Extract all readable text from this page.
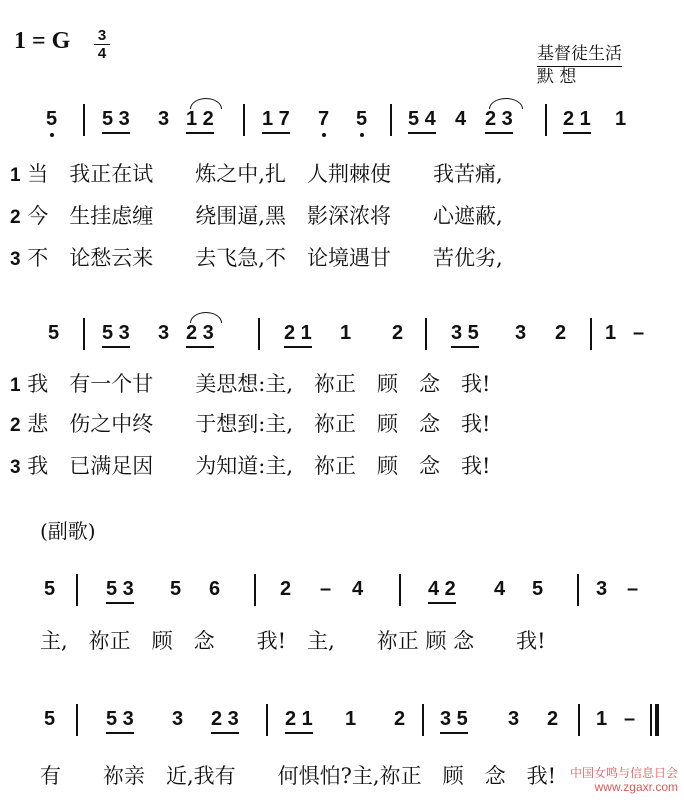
1 = G 3
4	基督徒生活
默 想
5 5 3 3 1 2 1 7 7 5 5 4 4 2 3	2 1 1
1 当　我正在试　　炼之中,扎　人荆棘使　　我苦痛,
2 今　生挂虑缠　　绕围逼,黑　影深浓将　　心遮蔽,
3 不　论愁云来　　去飞急,不　论境遇甘　　苦优劣,
5 5 3 3 2 3	2 1 1 2 3 5 3 2 1 –
1 我　有一个甘　　美思想:主,　祢正　顾　念　我!
2 悲　伤之中终　　于想到:主,　祢正　顾　念　我!
3 我　已满足因　　为知道:主,　祢正　顾　念　我!
(副歌)
5	5 3 5 6	2 – 4	4 2 4 5	3 –
主,　祢正　顾　念　　我!　主,　　祢正 顾 念　　我!
5	5 3 3 2 3 2 1 1 2 3 5 3 2 1 –
有　　祢亲　近,我有　　何惧怕?主,祢正　顾　念　我! 中国女鸣与信息日会
www.zgaxr.com
